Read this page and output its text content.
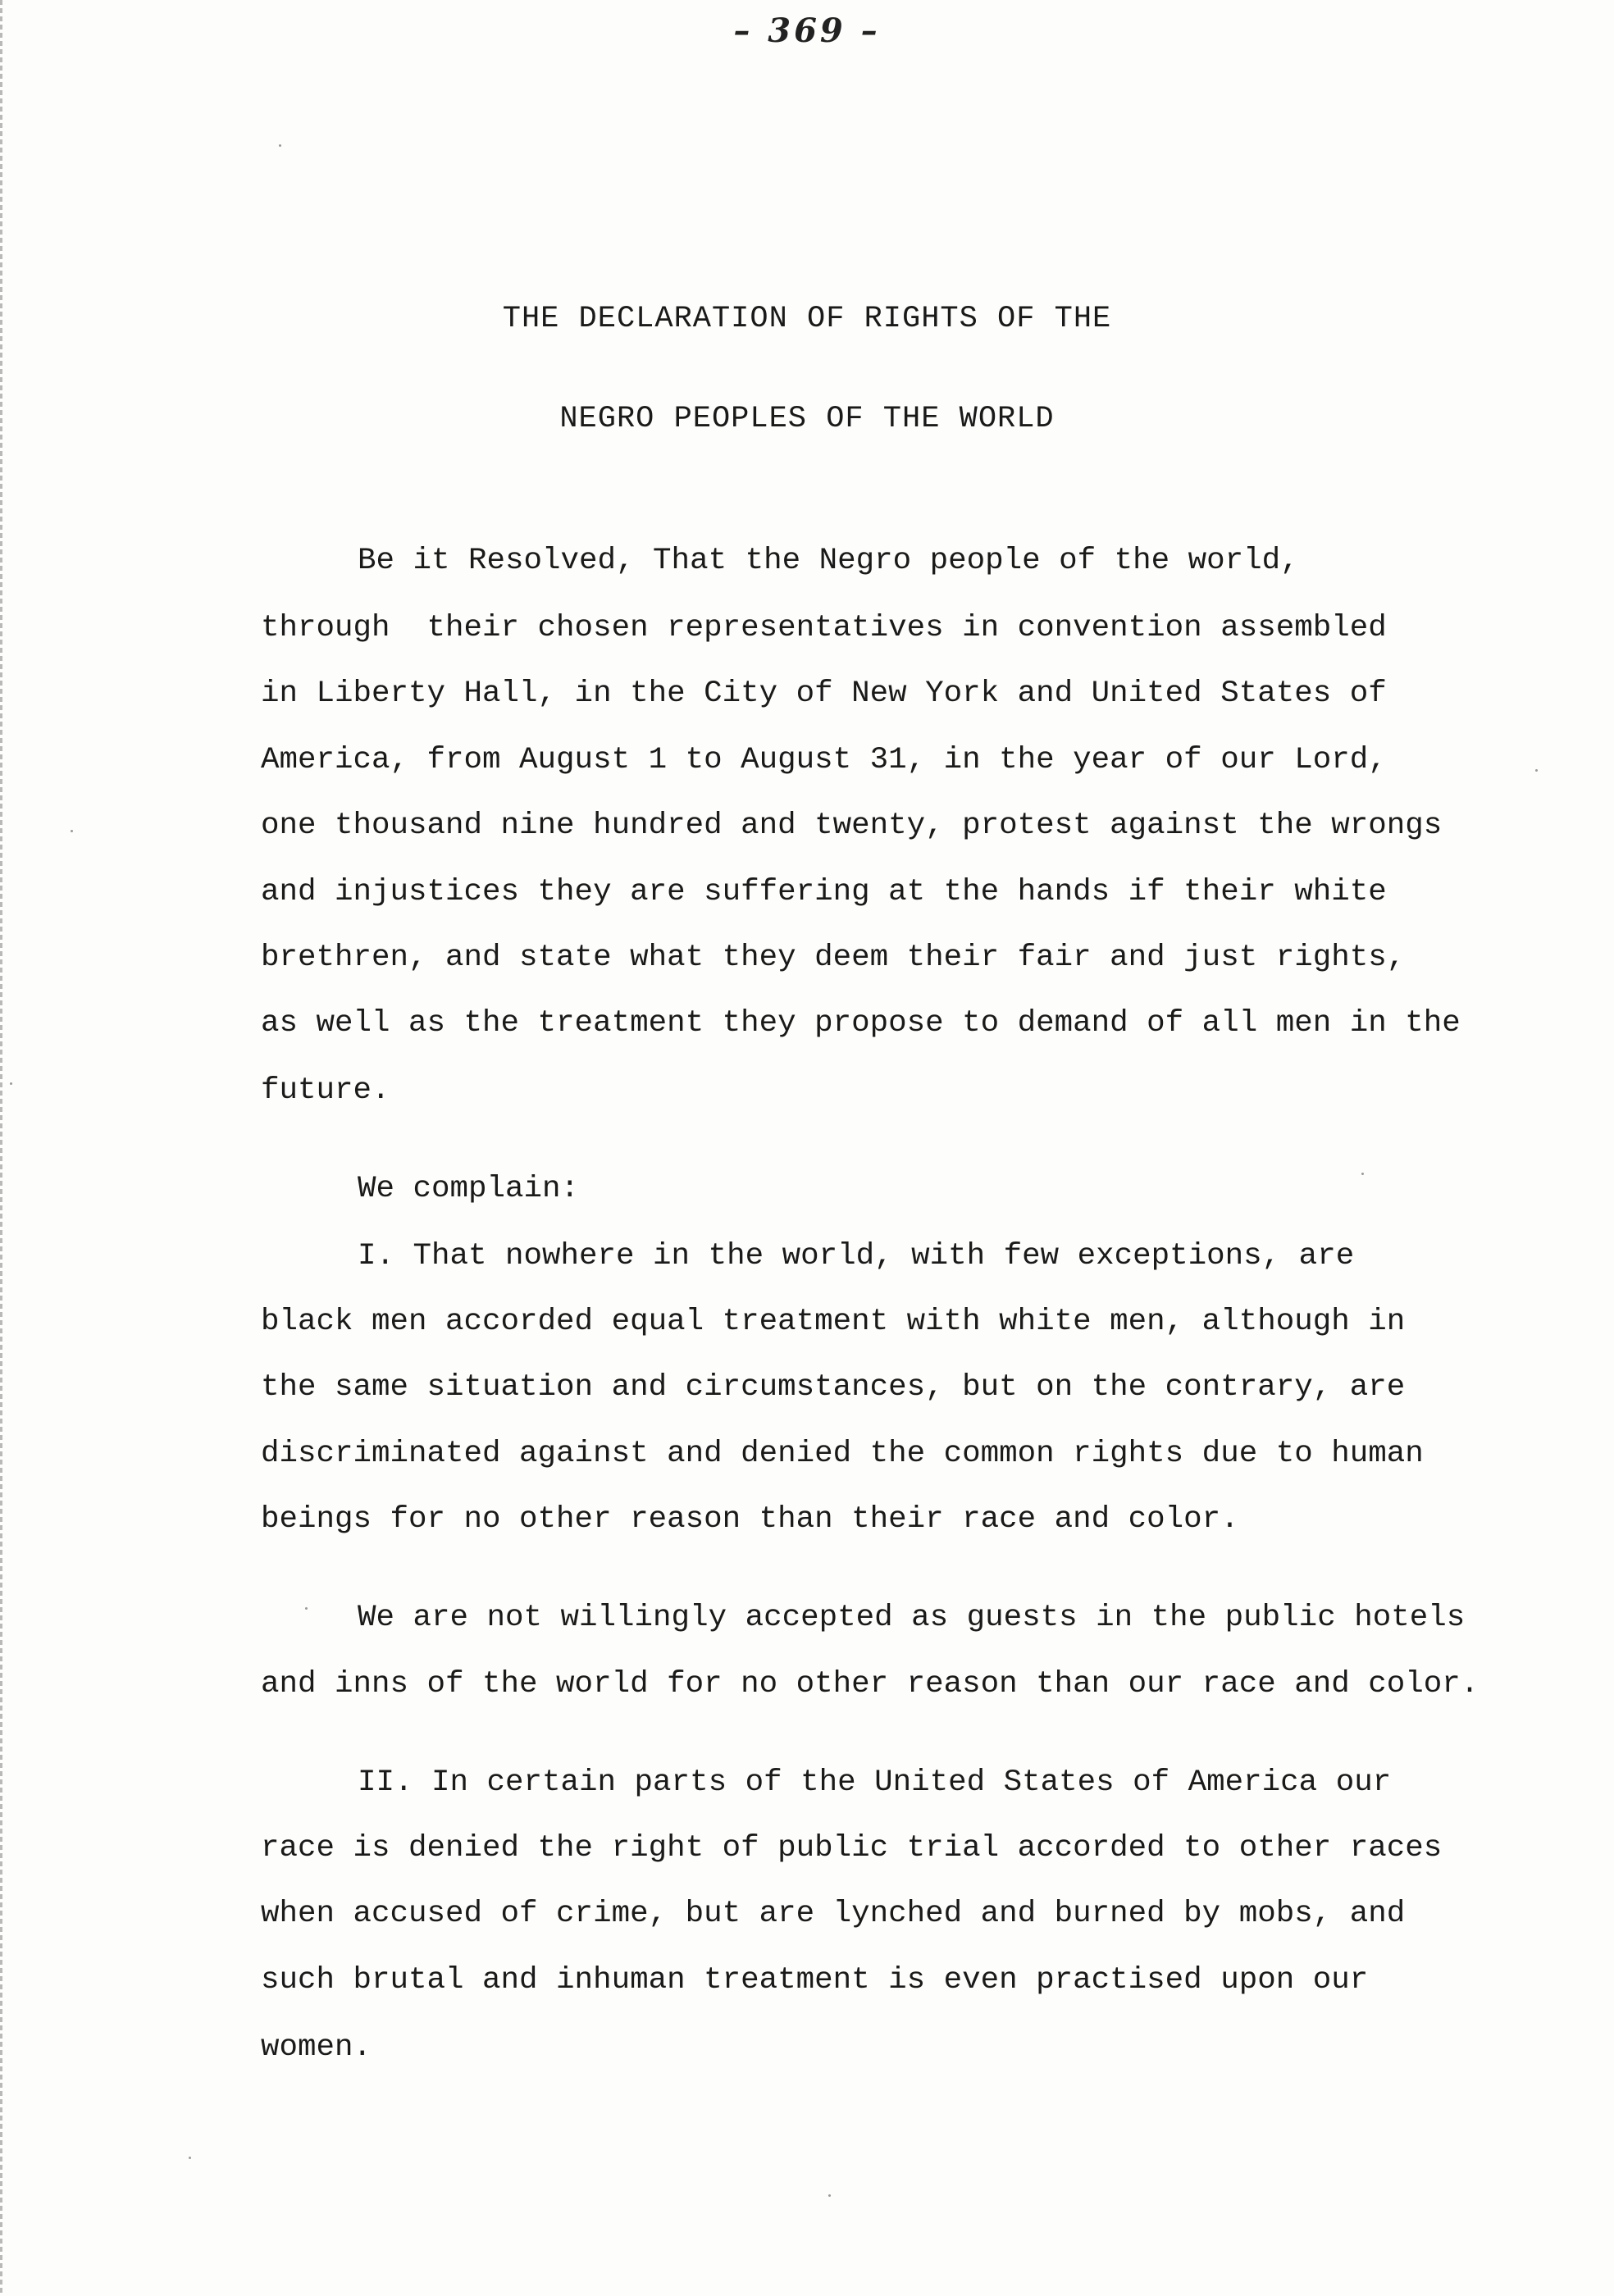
– 369 –
THE DECLARATION OF RIGHTS OF THE
NEGRO PEOPLES OF THE WORLD
Be it Resolved, That the Negro people of the world,
through  their chosen representatives in convention assembled
in Liberty Hall, in the City of New York and United States of
America, from August 1 to August 31, in the year of our Lord,
one thousand nine hundred and twenty, protest against the wrongs
and injustices they are suffering at the hands if their white
brethren, and state what they deem their fair and just rights,
as well as the treatment they propose to demand of all men in the
future.
We complain:
I. That nowhere in the world, with few exceptions, are
black men accorded equal treatment with white men, although in
the same situation and circumstances, but on the contrary, are
discriminated against and denied the common rights due to human
beings for no other reason than their race and color.
We are not willingly accepted as guests in the public hotels
and inns of the world for no other reason than our race and color.
II. In certain parts of the United States of America our
race is denied the right of public trial accorded to other races
when accused of crime, but are lynched and burned by mobs, and
such brutal and inhuman treatment is even practised upon our
women.
